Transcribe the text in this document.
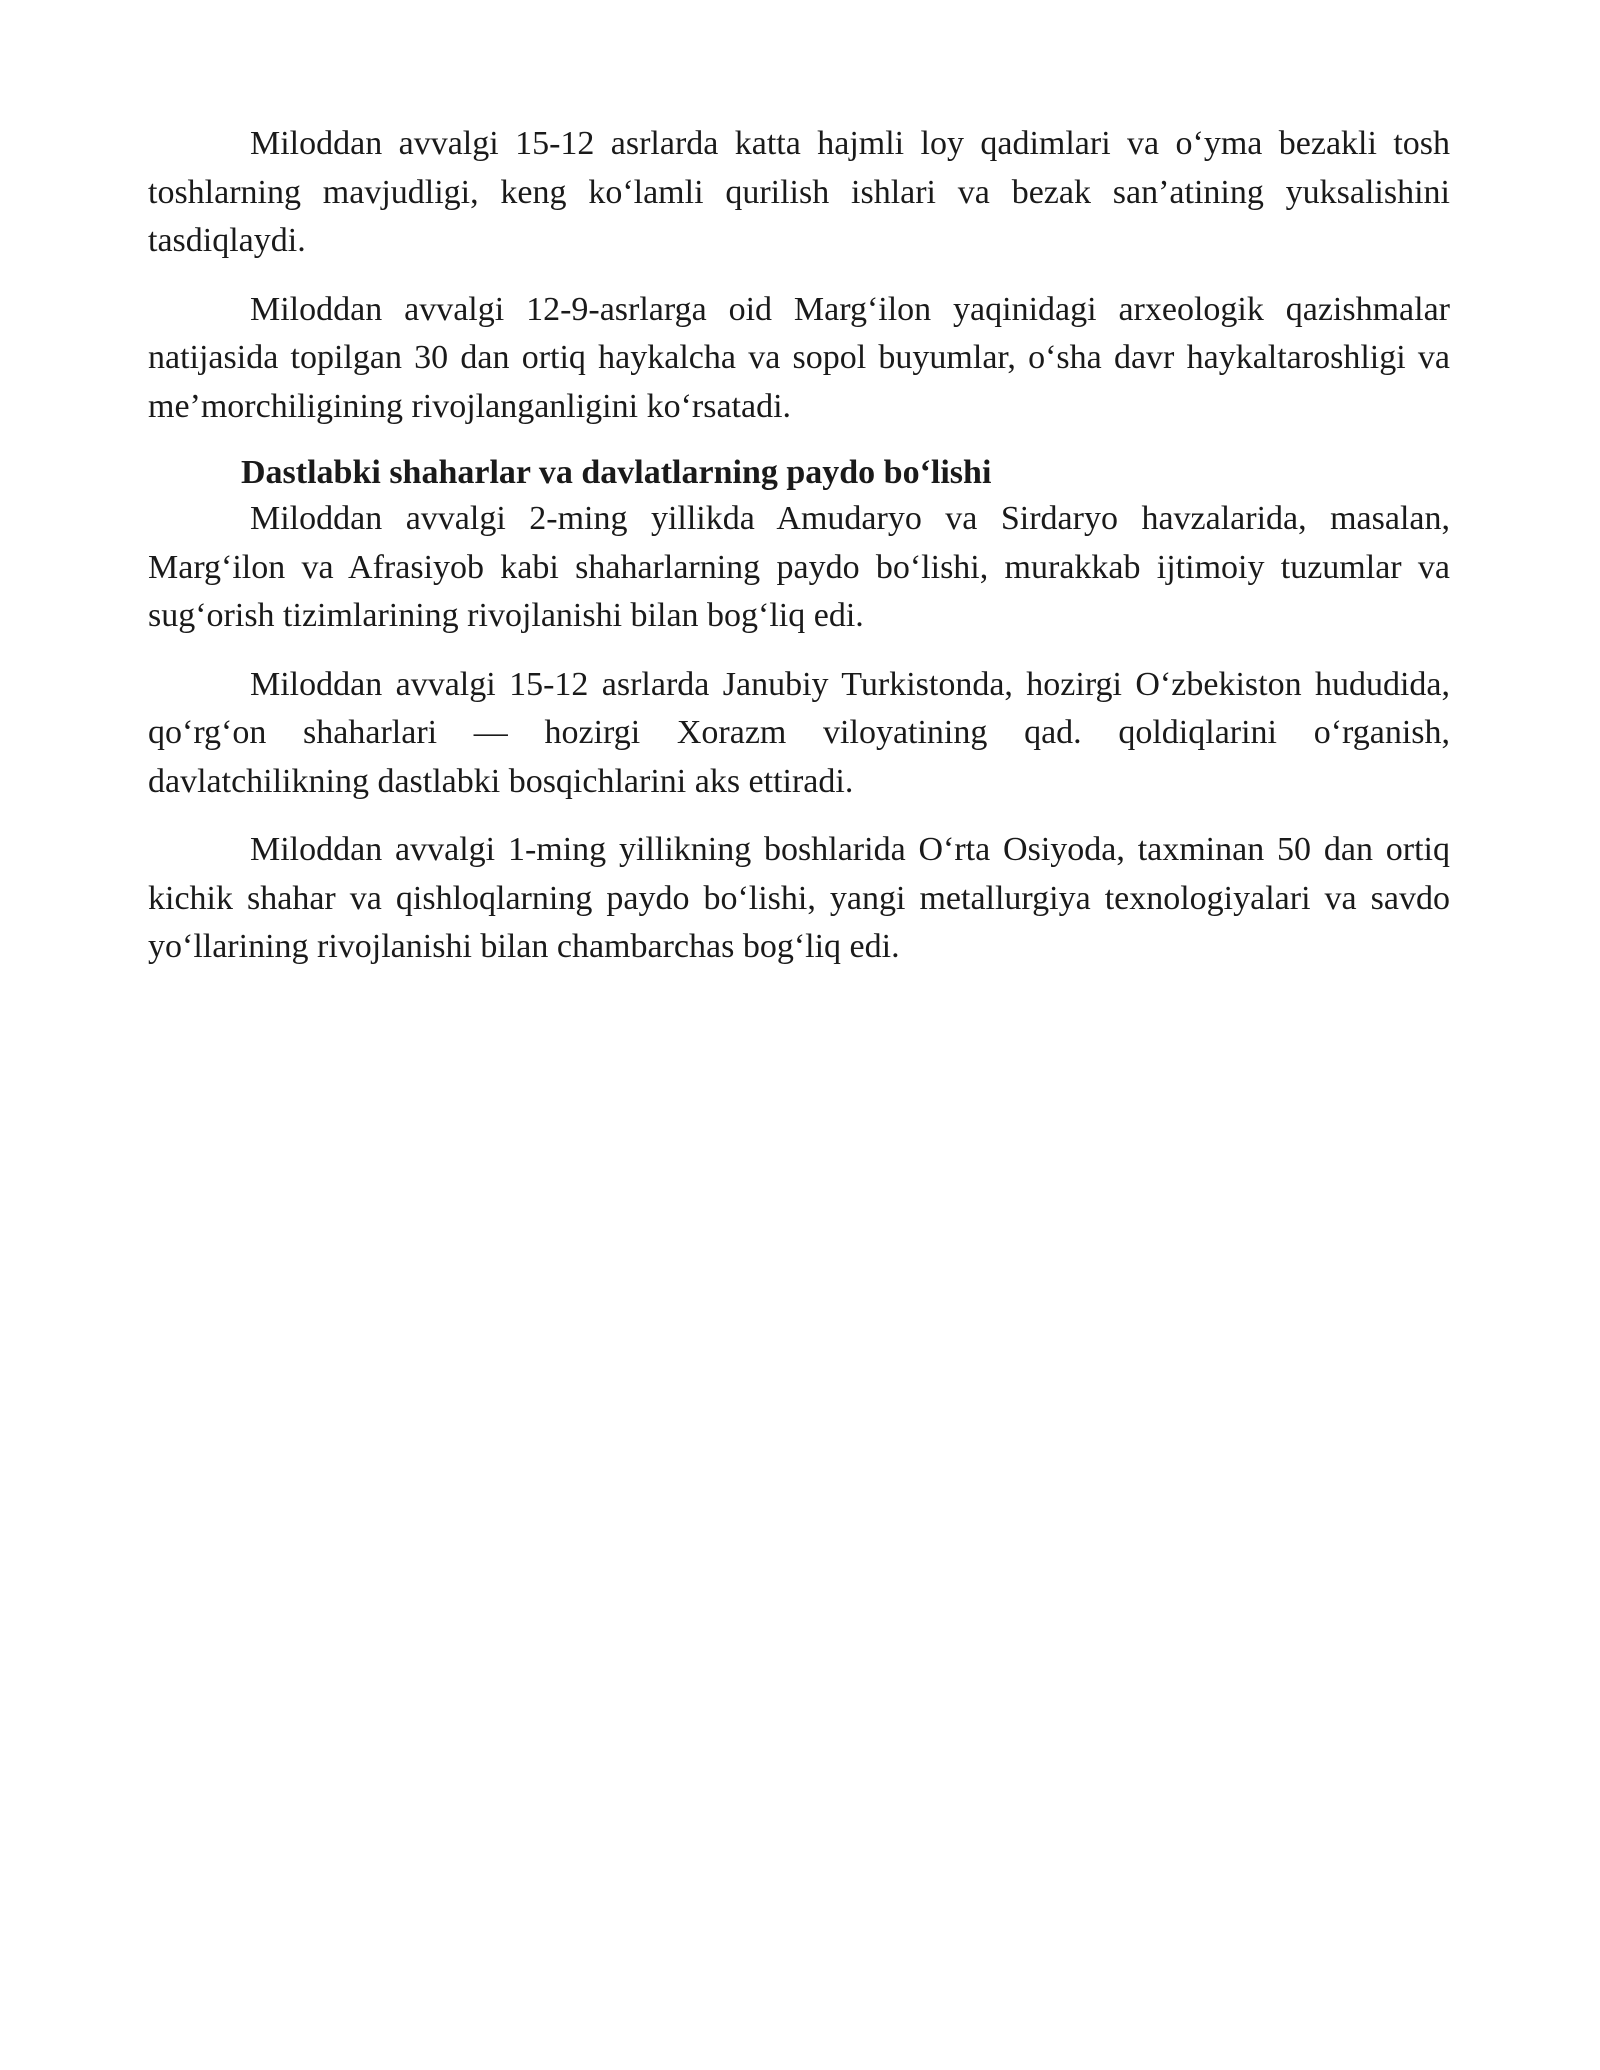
Miloddan avvalgi 15-12 asrlarda katta hajmli loy qadimlari va o‘yma bezakli tosh toshlarning mavjudligi, keng ko‘lamli qurilish ishlari va bezak san’atining yuksalishini tasdiqlaydi.

Miloddan avvalgi 12-9-asrlarga oid Marg‘ilon yaqinidagi arxeologik qazishmalar natijasida topilgan 30 dan ortiq haykalcha va sopol buyumlar, o‘sha davr haykaltaroshligi va me’morchiligining rivojlanganligini ko‘rsatadi.

Dastlabki shaharlar va davlatlarning paydo bo‘lishi

Miloddan avvalgi 2-ming yillikda Amudaryo va Sirdaryo havzalarida, masalan, Marg‘ilon va Afrasiyob kabi shaharlarning paydo bo‘lishi, murakkab ijtimoiy tuzumlar va sug‘orish tizimlarining rivojlanishi bilan bog‘liq edi.

Miloddan avvalgi 15-12 asrlarda Janubiy Turkistonda, hozirgi O‘zbekiston hududida, qo‘rg‘on shaharlari — hozirgi Xorazm viloyatining qad. qoldiqlarini o‘rganish, davlatchilikning dastlabki bosqichlarini aks ettiradi.

Miloddan avvalgi 1-ming yillikning boshlarida O‘rta Osiyoda, taxminan 50 dan ortiq kichik shahar va qishloqlarning paydo bo‘lishi, yangi metallurgiya texnologiyalari va savdo yo‘llarining rivojlanishi bilan chambarchas bog‘liq edi.
